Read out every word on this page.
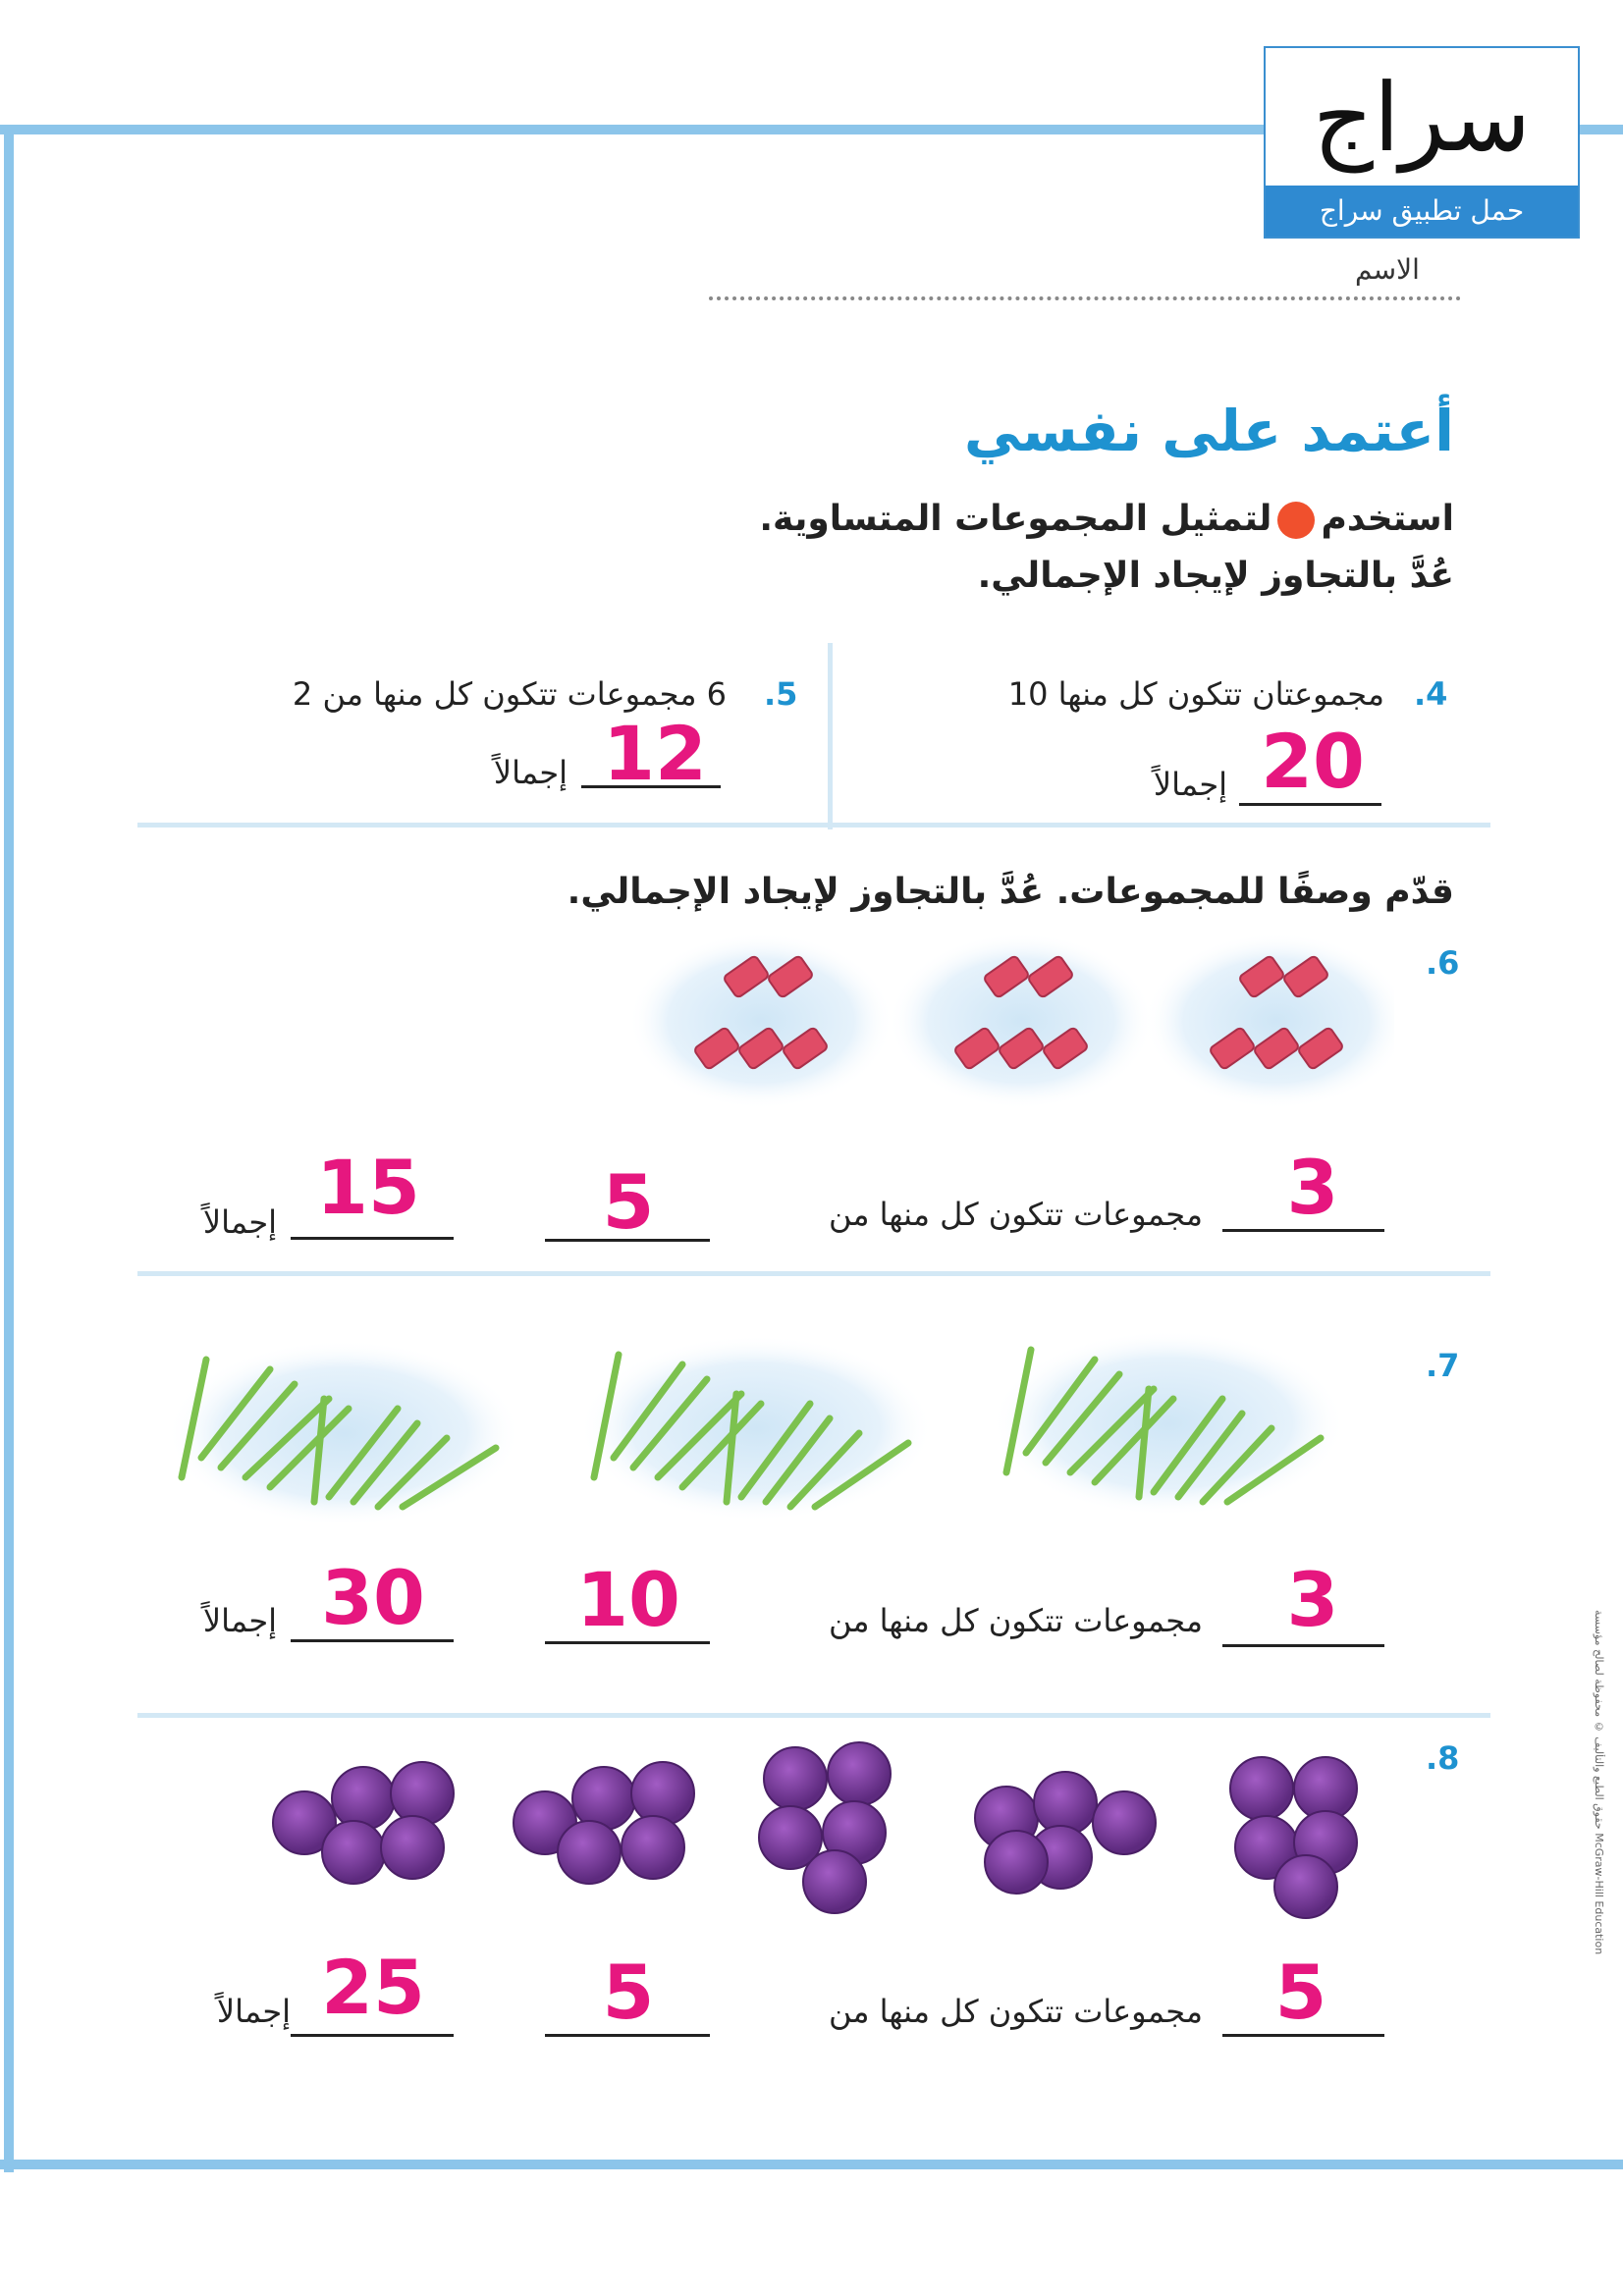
سراج
حمل تطبيق سراج
الاسم
أعتمد على نفسي
استخدملتمثيل المجموعات المتساوية.
عُدَّ بالتجاوز لإيجاد الإجمالي.
.4
مجموعتان تتكون كل منها 10
20
إجمالاً
.5
6 مجموعات تتكون كل منها من 2
12
إجمالاً
قدّم وصفًا للمجموعات. عُدَّ بالتجاوز لإيجاد الإجمالي.
.6
3
مجموعات تتكون كل منها من
5
15
إجمالاً
.7
3
مجموعات تتكون كل منها من
10
30
إجمالاً
.8
5
مجموعات تتكون كل منها من
5
25
إجمالاً
حقوق الطبع والتأليف © محفوظة لصالح مؤسسة McGraw-Hill Education
